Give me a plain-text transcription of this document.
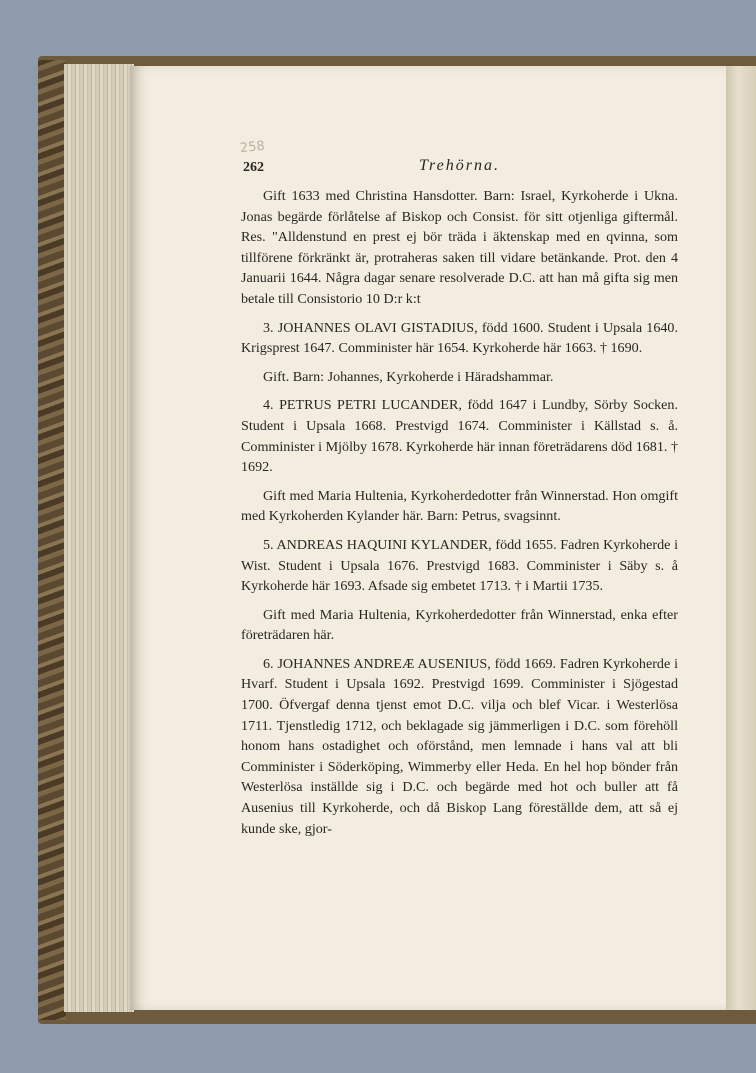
258
262	Trehörna.

Gift 1633 med Christina Hansdotter. Barn: Israel, Kyrkoherde i Ukna. Jonas begärde förlåtelse af Biskop och Consist. för sitt otjenliga giftermål. Res. "Alldenstund en prest ej bör träda i äktenskap med en qvinna, som tillförene förkränkt är, protraheras saken till vidare betänkande. Prot. den 4 Januarii 1644. Några dagar senare resolverade D.C. att han må gifta sig men betale till Consistorio 10 D:r k:t

3. JOHANNES OLAVI GISTADIUS, född 1600. Student i Upsala 1640. Krigsprest 1647. Comminister här 1654. Kyrkoherde här 1663. † 1690.

Gift. Barn: Johannes, Kyrkoherde i Häradshammar.

4. PETRUS PETRI LUCANDER, född 1647 i Lundby, Sörby Socken. Student i Upsala 1668. Prestvigd 1674. Comminister i Källstad s. å. Comminister i Mjölby 1678. Kyrkoherde här innan företrädarens död 1681. † 1692.

Gift med Maria Hultenia, Kyrkoherdedotter från Winnerstad. Hon omgift med Kyrkoherden Kylander här. Barn: Petrus, svagsinnt.

5. ANDREAS HAQUINI KYLANDER, född 1655. Fadren Kyrkoherde i Wist. Student i Upsala 1676. Prestvigd 1683. Comminister i Säby s. å Kyrkoherde här 1693. Afsade sig embetet 1713. † i Martii 1735.

Gift med Maria Hultenia, Kyrkoherdedotter från Winnerstad, enka efter företrädaren här.

6. JOHANNES ANDREÆ AUSENIUS, född 1669. Fadren Kyrkoherde i Hvarf. Student i Upsala 1692. Prestvigd 1699. Comminister i Sjögestad 1700. Öfvergaf denna tjenst emot D.C. vilja och blef Vicar. i Westerlösa 1711. Tjenstledig 1712, och beklagade sig jämmerligen i D.C. som förehöll honom hans ostadighet och oförstånd, men lemnade i hans val att bli Comminister i Söderköping, Wimmerby eller Heda. En hel hop bönder från Westerlösa inställde sig i D.C. och begärde med hot och buller att få Ausenius till Kyrkoherde, och då Biskop Lang föreställde dem, att så ej kunde ske, gjor-
